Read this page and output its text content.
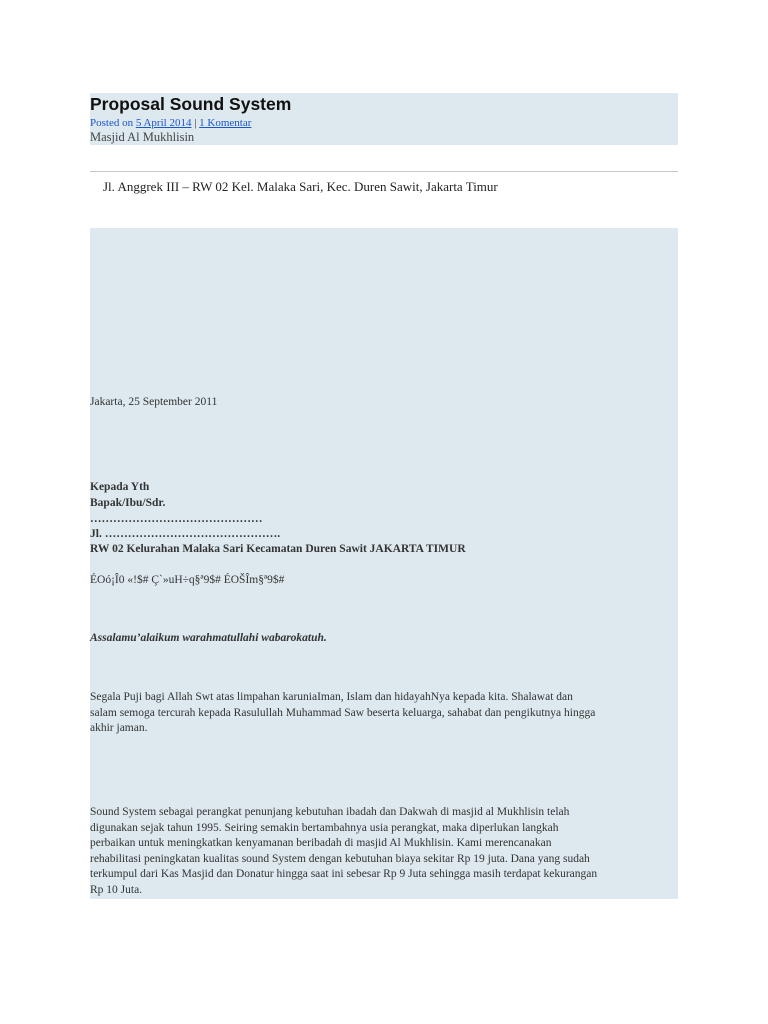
Proposal Sound System
Posted on 5 April 2014 | 1 Komentar
Masjid Al Mukhlisin
Jl. Anggrek III – RW 02 Kel. Malaka Sari, Kec. Duren Sawit, Jakarta Timur
Jakarta, 25 September 2011
Kepada Yth
Bapak/Ibu/Sdr.
………………………………………
Jl. ……………………………………….
RW 02 Kelurahan Malaka Sari Kecamatan Duren Sawit JAKARTA TIMUR
ÉOó¡Î0 «!$# Ç`»uH÷q§ª9$# ÉOŠÎm§ª9$#
Assalamu’alaikum warahmatullahi wabarokatuh.
Segala Puji bagi Allah Swt atas limpahan karuniaIman, Islam dan hidayahNya kepada kita. Shalawat dan
salam semoga tercurah kepada Rasulullah Muhammad Saw beserta keluarga, sahabat dan pengikutnya hingga
akhir jaman.
Sound System sebagai perangkat penunjang kebutuhan ibadah dan Dakwah di masjid al Mukhlisin telah
digunakan sejak tahun 1995. Seiring semakin bertambahnya usia perangkat, maka diperlukan langkah
perbaikan untuk meningkatkan kenyamanan beribadah di masjid Al Mukhlisin. Kami merencanakan
rehabilitasi peningkatan kualitas sound System dengan kebutuhan biaya sekitar Rp 19 juta. Dana yang sudah
terkumpul dari Kas Masjid dan Donatur hingga saat ini sebesar Rp 9 Juta sehingga masih terdapat kekurangan
Rp 10 Juta.
